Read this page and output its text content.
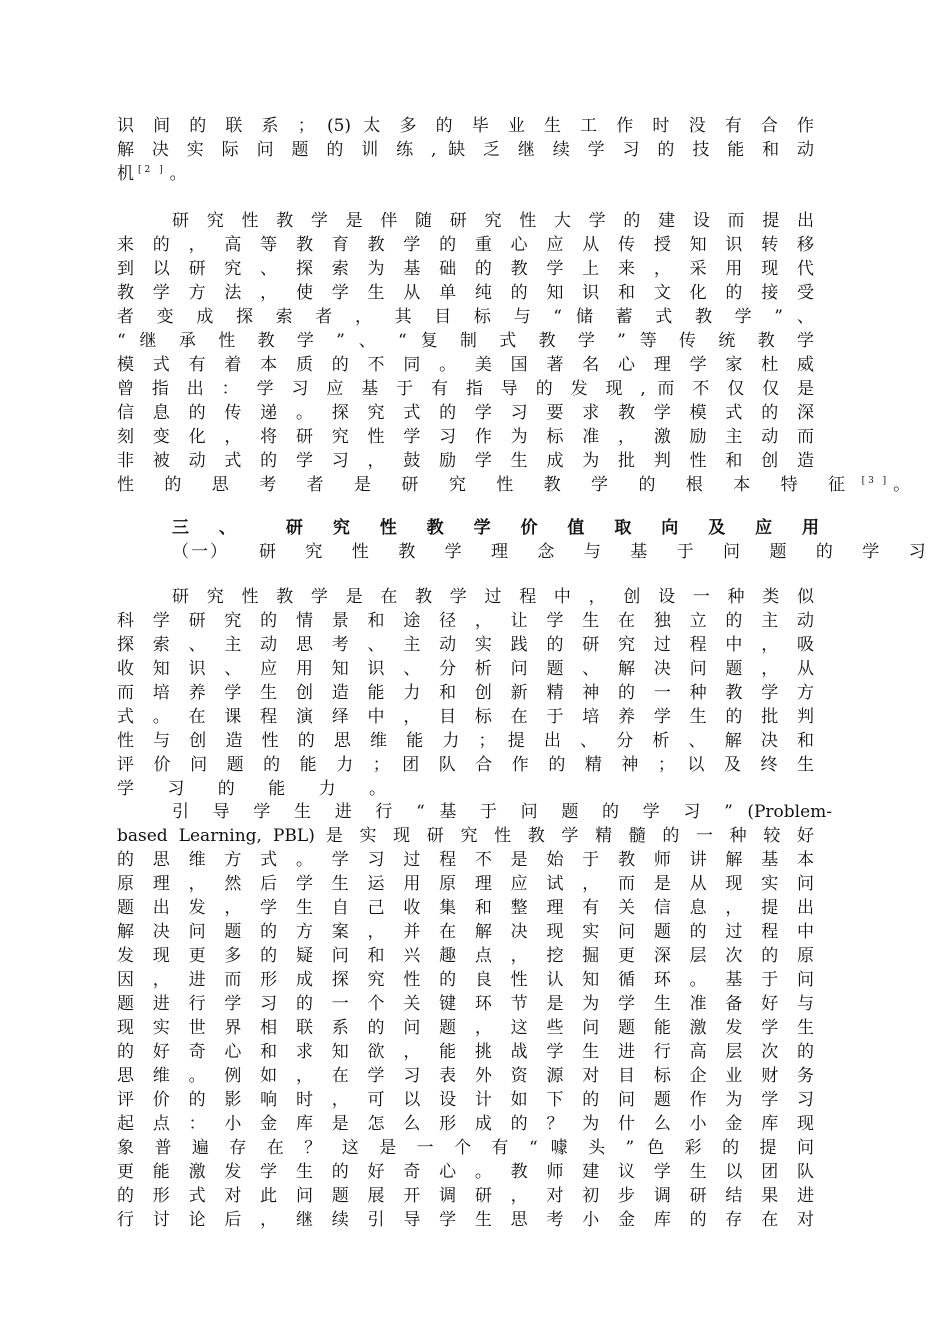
识 间 的 联 系 ； (5) 太 多 的 毕 业 生 工 作 时 没 有 合 作
解 决 实 际 问 题 的 训 练 , 缺 乏 继 续 学 习 的 技 能 和 动
机 [2 ] 。
研 究 性 教 学 是 伴 随 研 究 性 大 学 的 建 设 而 提 出
来 的 ， 高 等 教 育 教 学 的 重 心 应 从 传 授 知 识 转 移
到 以 研 究 、 探 索 为 基 础 的 教 学 上 来 ， 采 用 现 代
教 学 方 法 ， 使 学 生 从 单 纯 的 知 识 和 文 化 的 接 受
者 变 成 探 索 者 ， 其 目 标 与 “ 储 蓄 式 教 学 ” 、
“ 继 承 性 教 学 ” 、 “ 复 制 式 教 学 ” 等 传 统 教 学
模 式 有 着 本 质 的 不 同 。 美 国 著 名 心 理 学 家 杜 威
曾 指 出 ： 学 习 应 基 于 有 指 导 的 发 现 , 而 不 仅 仅 是
信 息 的 传 递 。 探 究 式 的 学 习 要 求 教 学 模 式 的 深
刻 变 化 ， 将 研 究 性 学 习 作 为 标 准 ， 激 励 主 动 而
非 被 动 式 的 学 习 ， 鼓 励 学 生 成 为 批 判 性 和 创 造
性 的 思 考 者 是 研 究 性 教 学 的 根 本 特 征 [3 ] 。
三 、 研 究 性 教 学 价 值 取 向 及 应 用
（一） 研 究 性 教 学 理 念 与 基 于 问 题 的 学 习
研 究 性 教 学 是 在 教 学 过 程 中 ， 创 设 一 种 类 似
科 学 研 究 的 情 景 和 途 径 ， 让 学 生 在 独 立 的 主 动
探 索 、 主 动 思 考 、 主 动 实 践 的 研 究 过 程 中 ， 吸
收 知 识 、 应 用 知 识 、 分 析 问 题 、 解 决 问 题 ， 从
而 培 养 学 生 创 造 能 力 和 创 新 精 神 的 一 种 教 学 方
式 。 在 课 程 演 绎 中 ， 目 标 在 于 培 养 学 生 的 批 判
性 与 创 造 性 的 思 维 能 力 ； 提 出 、 分 析 、 解 决 和
评 价 问 题 的 能 力 ； 团 队 合 作 的 精 神 ； 以 及 终 生
学 习 的 能 力 。
引 导 学 生 进 行 “ 基 于 问 题 的 学 习 ” (Problem-
based Learning, PBL) 是 实 现 研 究 性 教 学 精 髓 的 一 种 较 好
的 思 维 方 式 。 学 习 过 程 不 是 始 于 教 师 讲 解 基 本
原 理 ， 然 后 学 生 运 用 原 理 应 试 ， 而 是 从 现 实 问
题 出 发 ， 学 生 自 己 收 集 和 整 理 有 关 信 息 ， 提 出
解 决 问 题 的 方 案 ， 并 在 解 决 现 实 问 题 的 过 程 中
发 现 更 多 的 疑 问 和 兴 趣 点 ， 挖 掘 更 深 层 次 的 原
因 ， 进 而 形 成 探 究 性 的 良 性 认 知 循 环 。 基 于 问
题 进 行 学 习 的 一 个 关 键 环 节 是 为 学 生 准 备 好 与
现 实 世 界 相 联 系 的 问 题 ， 这 些 问 题 能 激 发 学 生
的 好 奇 心 和 求 知 欲 ， 能 挑 战 学 生 进 行 高 层 次 的
思 维 。 例 如 ， 在 学 习 表 外 资 源 对 目 标 企 业 财 务
评 价 的 影 响 时 ， 可 以 设 计 如 下 的 问 题 作 为 学 习
起 点 ： 小 金 库 是 怎 么 形 成 的 ？ 为 什 么 小 金 库 现
象 普 遍 存 在 ？ 这 是 一 个 有 “ 噱 头 ” 色 彩 的 提 问
更 能 激 发 学 生 的 好 奇 心 。 教 师 建 议 学 生 以 团 队
的 形 式 对 此 问 题 展 开 调 研 ， 对 初 步 调 研 结 果 进
行 讨 论 后 ， 继 续 引 导 学 生 思 考 小 金 库 的 存 在 对
